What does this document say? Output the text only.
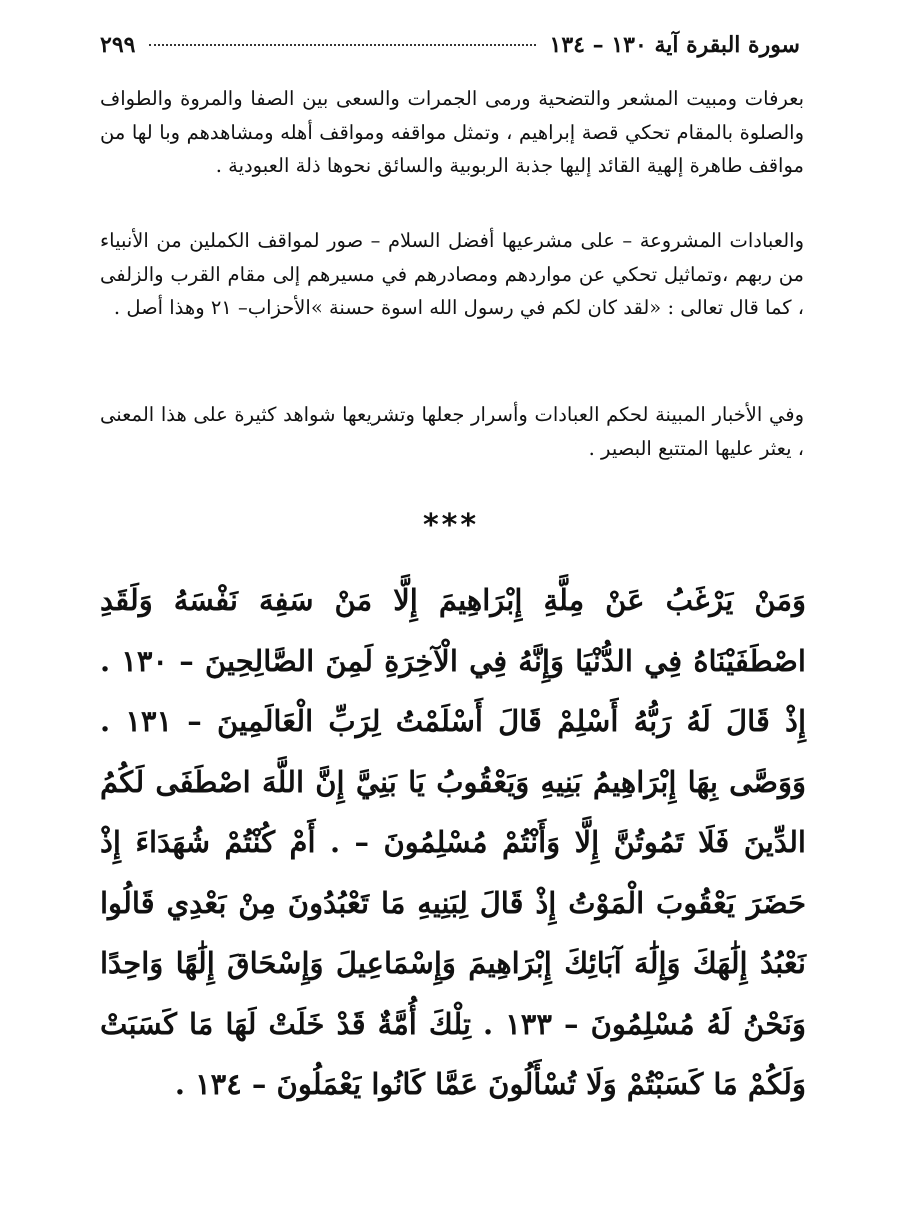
سورة البقرة آية ١٣٠ – ١٣٤
٢٩٩

بعرفات ومبيت المشعر والتضحية ورمى الجمرات والسعى بين الصفا والمروة والطواف والصلوة بالمقام تحكي قصة إبراهيم ، وتمثل مواقفه ومواقف أهله ومشاهدهم وبا لها من مواقف طاهرة إلهية القائد إليها جذبة الربوبية والسائق نحوها ذلة العبودية .

والعبادات المشروعة – على مشرعيها أفضل السلام – صور لمواقف الكملين من الأنبياء من ربهم ،وتماثيل تحكي عن مواردهم ومصادرهم في مسيرهم إلى مقام القرب والزلفى ، كما قال تعالى : «لقد كان لكم في رسول الله اسوة حسنة »الأحزاب– ٢١ وهذا أصل .

وفي الأخبار المبينة لحكم العبادات وأسرار جعلها وتشريعها شواهد كثيرة على هذا المعنى ، يعثر عليها المتتبع البصير .

***

وَمَنْ يَرْغَبُ عَنْ مِلَّةِ إِبْرَاهِيمَ إِلَّا مَنْ سَفِهَ نَفْسَهُ وَلَقَدِ اصْطَفَيْنَاهُ فِي الدُّنْيَا وَإِنَّهُ فِي الْآخِرَةِ لَمِنَ الصَّالِحِينَ – ١٣٠ . إِذْ قَالَ لَهُ رَبُّهُ أَسْلِمْ قَالَ أَسْلَمْتُ لِرَبِّ الْعَالَمِينَ – ١٣١ . وَوَصَّى بِهَا إِبْرَاهِيمُ بَنِيهِ وَيَعْقُوبُ يَا بَنِيَّ إِنَّ اللَّهَ اصْطَفَى لَكُمُ الدِّينَ فَلَا تَمُوتُنَّ إِلَّا وَأَنْتُمْ مُسْلِمُونَ – . أَمْ كُنْتُمْ شُهَدَاءَ إِذْ حَضَرَ يَعْقُوبَ الْمَوْتُ إِذْ قَالَ لِبَنِيهِ مَا تَعْبُدُونَ مِنْ بَعْدِي قَالُوا نَعْبُدُ إِلَٰهَكَ وَإِلَٰهَ آبَائِكَ إِبْرَاهِيمَ وَإِسْمَاعِيلَ وَإِسْحَاقَ إِلَٰهًا وَاحِدًا وَنَحْنُ لَهُ مُسْلِمُونَ – ١٣٣ . تِلْكَ أُمَّةٌ قَدْ خَلَتْ لَهَا مَا كَسَبَتْ وَلَكُمْ مَا كَسَبْتُمْ وَلَا تُسْأَلُونَ عَمَّا كَانُوا يَعْمَلُونَ – ١٣٤ .
